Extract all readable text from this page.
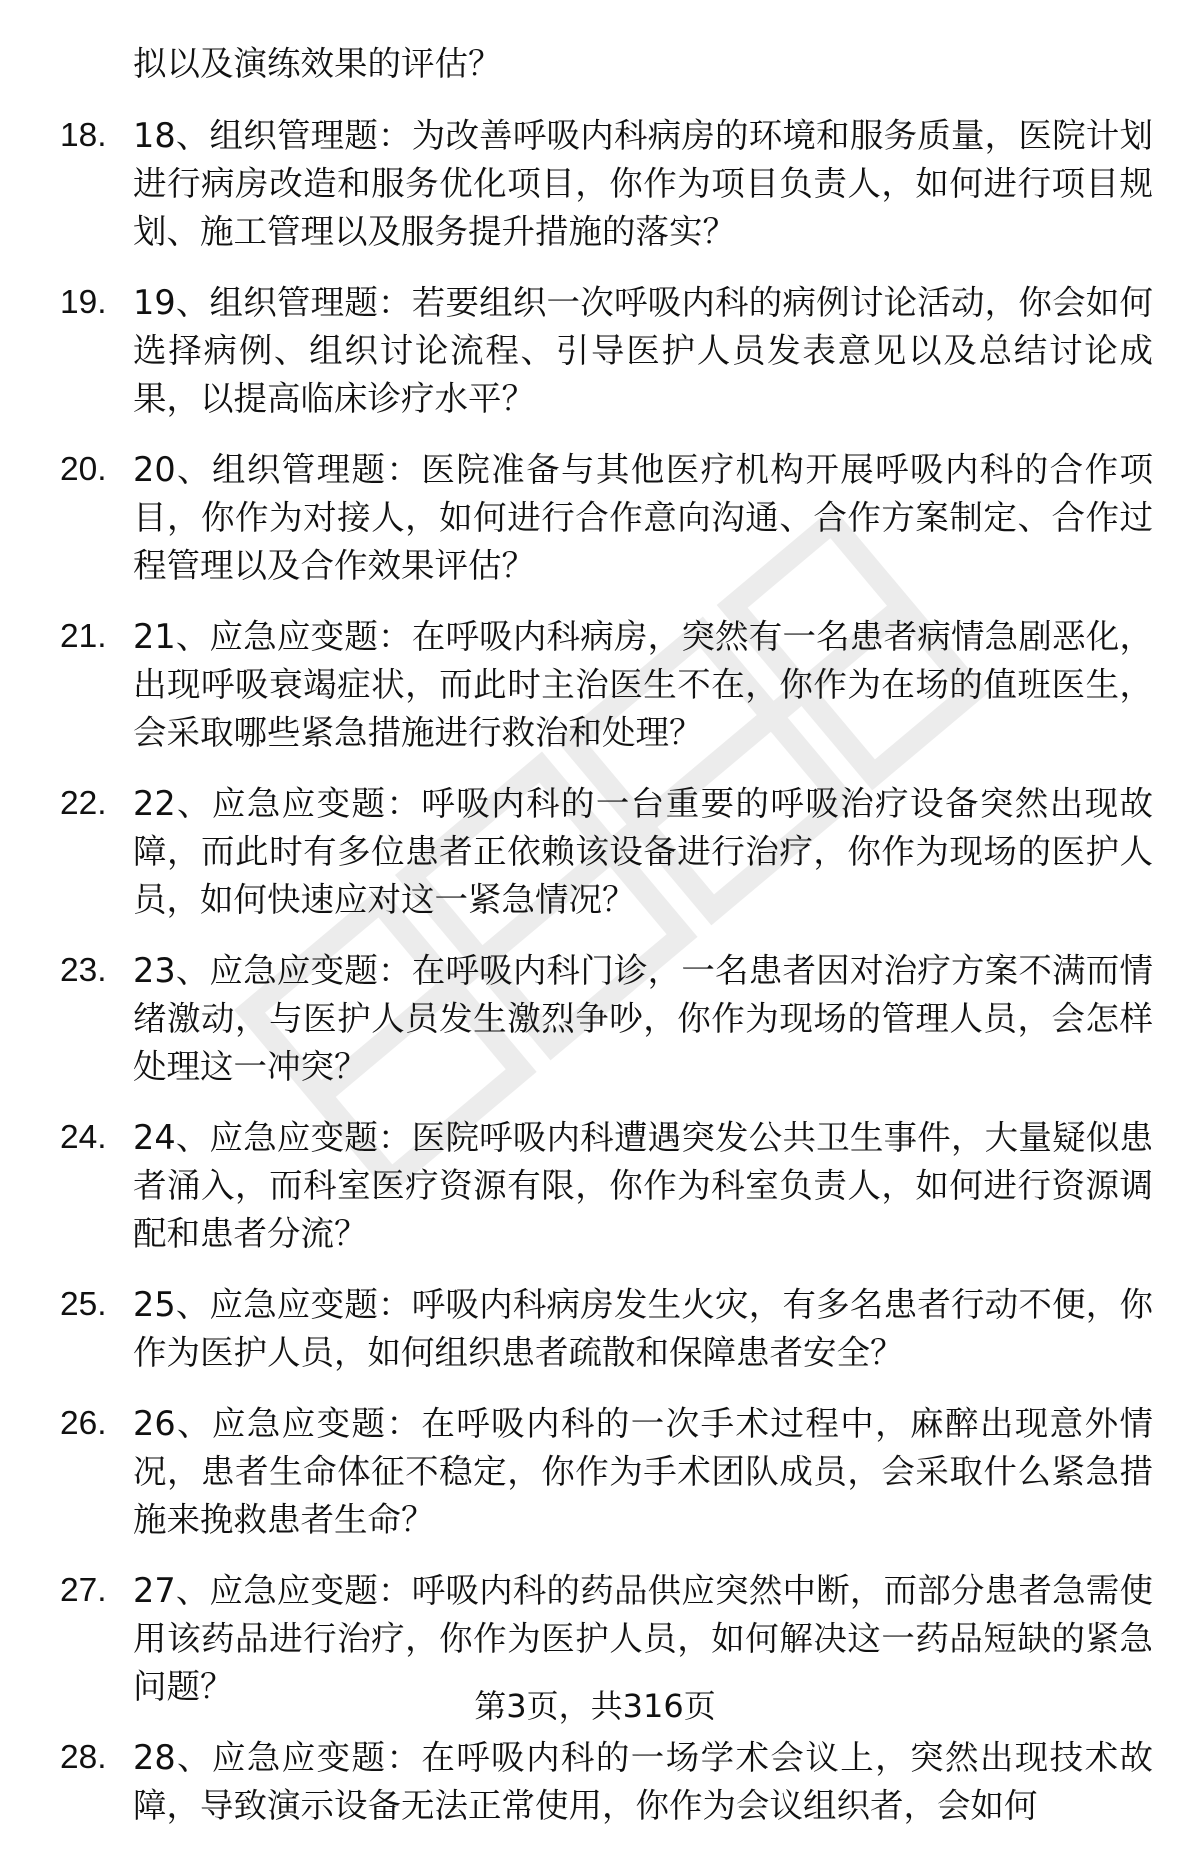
拟以及演练效果的评估？

18. 18、组织管理题：为改善呼吸内科病房的环境和服务质量，医院计划进行病房改造和服务优化项目，你作为项目负责人，如何进行项目规划、施工管理以及服务提升措施的落实？
19. 19、组织管理题：若要组织一次呼吸内科的病例讨论活动，你会如何选择病例、组织讨论流程、引导医护人员发表意见以及总结讨论成果，以提高临床诊疗水平？
20. 20、组织管理题：医院准备与其他医疗机构开展呼吸内科的合作项目，你作为对接人，如何进行合作意向沟通、合作方案制定、合作过程管理以及合作效果评估？
21. 21、应急应变题：在呼吸内科病房，突然有一名患者病情急剧恶化，出现呼吸衰竭症状，而此时主治医生不在，你作为在场的值班医生，会采取哪些紧急措施进行救治和处理？
22. 22、应急应变题：呼吸内科的一台重要的呼吸治疗设备突然出现故障，而此时有多位患者正依赖该设备进行治疗，你作为现场的医护人员，如何快速应对这一紧急情况？
23. 23、应急应变题：在呼吸内科门诊，一名患者因对治疗方案不满而情绪激动，与医护人员发生激烈争吵，你作为现场的管理人员，会怎样处理这一冲突？
24. 24、应急应变题：医院呼吸内科遭遇突发公共卫生事件，大量疑似患者涌入，而科室医疗资源有限，你作为科室负责人，如何进行资源调配和患者分流？
25. 25、应急应变题：呼吸内科病房发生火灾，有多名患者行动不便，你作为医护人员，如何组织患者疏散和保障患者安全？
26. 26、应急应变题：在呼吸内科的一次手术过程中，麻醉出现意外情况，患者生命体征不稳定，你作为手术团队成员，会采取什么紧急措施来挽救患者生命？
27. 27、应急应变题：呼吸内科的药品供应突然中断，而部分患者急需使用该药品进行治疗，你作为医护人员，如何解决这一药品短缺的紧急问题？
28. 28、应急应变题：在呼吸内科的一场学术会议上，突然出现技术故障，导致演示设备无法正常使用，你作为会议组织者，会如何
第3页，共316页
